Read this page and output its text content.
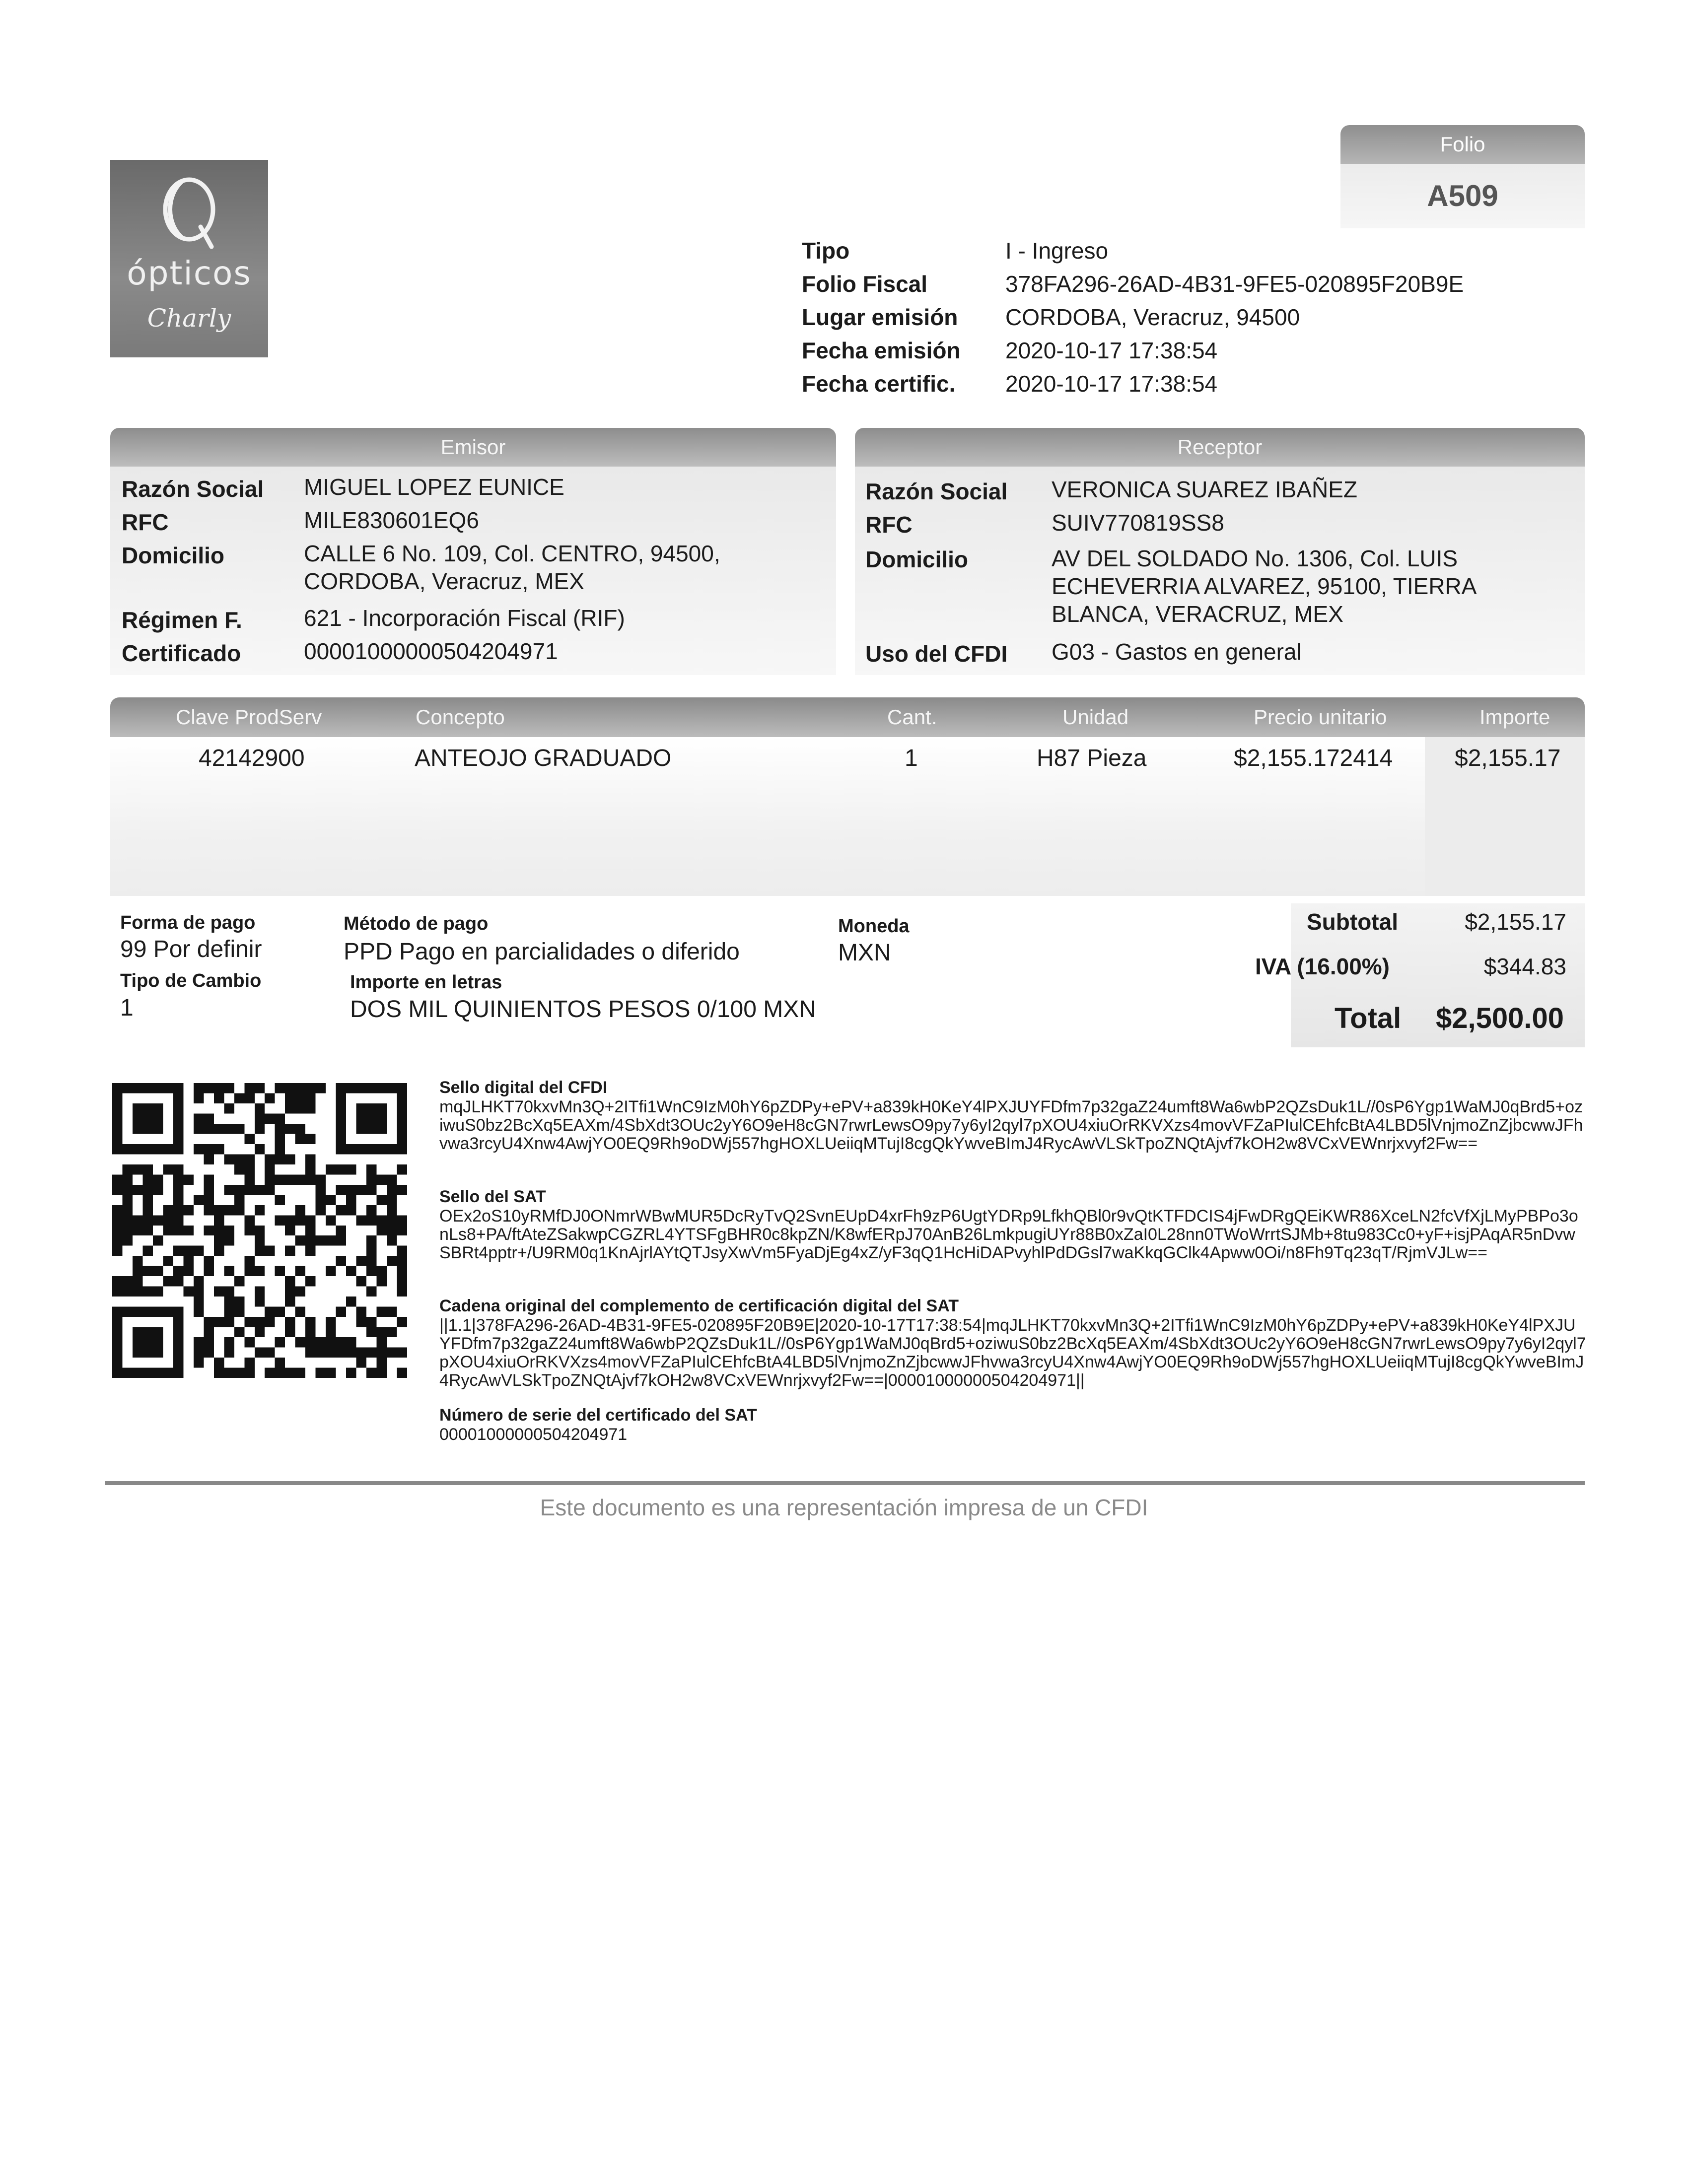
ópticos
Charly
Folio
A509
Tipo	I - Ingreso
Folio Fiscal	378FA296-26AD-4B31-9FE5-020895F20B9E
Lugar emisión CORDOBA, Veracruz, 94500
Fecha emisión 2020-10-17 17:38:54
Fecha certific. 2020-10-17 17:38:54
Emisor
Razón Social MIGUEL LOPEZ EUNICE
RFC	MILE830601EQ6
Domicilio	CALLE 6 No. 109, Col. CENTRO, 94500,
CORDOBA, Veracruz, MEX
Régimen F.	621 - Incorporación Fiscal (RIF)
Certificado	00001000000504204971
Receptor
Razón Social VERONICA SUAREZ IBAÑEZ
RFC	SUIV770819SS8
Domicilio	AV DEL SOLDADO No. 1306, Col. LUIS
ECHEVERRIA ALVAREZ, 95100, TIERRA
BLANCA, VERACRUZ, MEX
Uso del CFDI G03 - Gastos en general
Clave ProdServ	Concepto	Cant.	Unidad	Precio unitario	Importe
42142900	ANTEOJO GRADUADO	1	H87 Pieza	$2,155.172414	$2,155.17
Forma de pago
99 Por definir
Método de pago
PPD Pago en parcialidades o diferido
Moneda
MXN
Tipo de Cambio
1
Importe en letras
DOS MIL QUINIENTOS PESOS 0/100 MXN
Subtotal	$2,155.17
IVA (16.00%)	$344.83
Total	$2,500.00
Sello digital del CFDI
mqJLHKT70kxvMn3Q+2ITfi1WnC9IzM0hY6pZDPy+ePV+a839kH0KeY4lPXJUYFDfm7p32gaZ24umft8Wa6wbP2QZsDuk1L//0sP6Ygp1WaMJ0qBrd5+oziwuS0bz2BcXq5EAXm/4SbXdt3OUc2yY6O9eH8cGN7rwrLewsO9py7y6yI2qyl7pXOU4xiuOrRKVXzs4movVFZaPIulCEhfcBtA4LBD5lVnjmoZnZjbcwwJFhvwa3rcyU4Xnw4AwjYO0EQ9Rh9oDWj557hgHOXLUeiiqMTujI8cgQkYwveBImJ4RycAwVLSkTpoZNQtAjvf7kOH2w8VCxVEWnrjxvyf2Fw==
Sello del SAT
OEx2oS10yRMfDJ0ONmrWBwMUR5DcRyTvQ2SvnEUpD4xrFh9zP6UgtYDRp9LfkhQBl0r9vQtKTFDCIS4jFwDRgQEiKWR86XceLN2fcVfXjLMyPBPo3onLs8+PA/ftAteZSakwpCGZRL4YTSFgBHR0c8kpZN/K8wfERpJ70AnB26LmkpugiUYr88B0xZaI0L28nn0TWoWrrtSJMb+8tu983Cc0+yF+isjPAqAR5nDvwSBRt4pptr+/U9RM0q1KnAjrlAYtQTJsyXwVm5FyaDjEg4xZ/yF3qQ1HcHiDAPvyhlPdDGsl7waKkqGClk4Apww0Oi/n8Fh9Tq23qT/RjmVJLw==
Cadena original del complemento de certificación digital del SAT
||1.1|378FA296-26AD-4B31-9FE5-020895F20B9E|2020-10-17T17:38:54|mqJLHKT70kxvMn3Q+2ITfi1WnC9IzM0hY6pZDPy+ePV+a839kH0KeY4lPXJUYFDfm7p32gaZ24umft8Wa6wbP2QZsDuk1L//0sP6Ygp1WaMJ0qBrd5+oziwuS0bz2BcXq5EAXm/4SbXdt3OUc2yY6O9eH8cGN7rwrLewsO9py7y6yI2qyl7pXOU4xiuOrRKVXzs4movVFZaPIulCEhfcBtA4LBD5lVnjmoZnZjbcwwJFhvwa3rcyU4Xnw4AwjYO0EQ9Rh9oDWj557hgHOXLUeiiqMTujI8cgQkYwveBImJ4RycAwVLSkTpoZNQtAjvf7kOH2w8VCxVEWnrjxvyf2Fw==|00001000000504204971||
Número de serie del certificado del SAT
00001000000504204971
Este documento es una representación impresa de un CFDI
